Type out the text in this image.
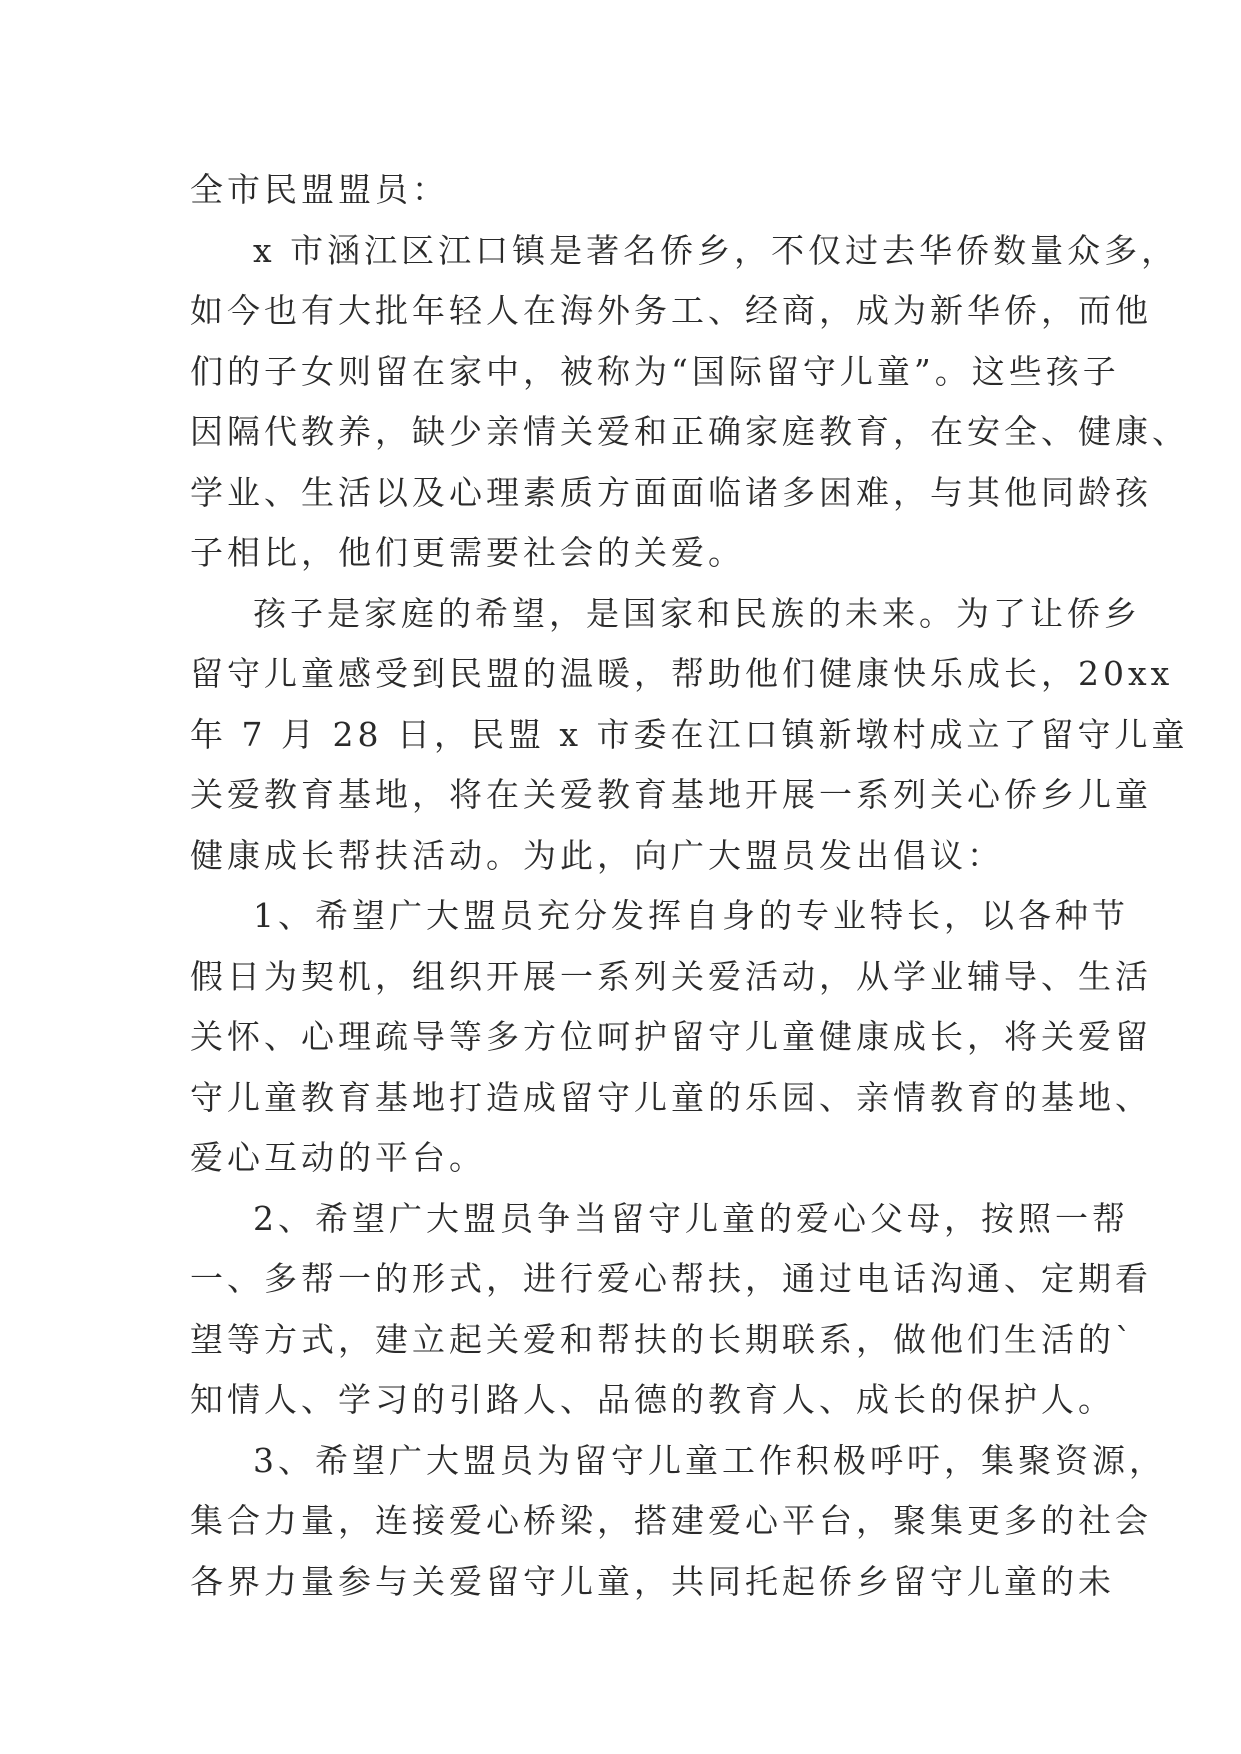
全市民盟盟员：
x 市涵江区江口镇是著名侨乡，不仅过去华侨数量众多，
如今也有大批年轻人在海外务工、经商，成为新华侨，而他
们的子女则留在家中，被称为“国际留守儿童”。这些孩子
因隔代教养，缺少亲情关爱和正确家庭教育，在安全、健康、
学业、生活以及心理素质方面面临诸多困难，与其他同龄孩
子相比，他们更需要社会的关爱。
孩子是家庭的希望，是国家和民族的未来。为了让侨乡
留守儿童感受到民盟的温暖，帮助他们健康快乐成长，20xx
年 7 月 28 日，民盟 x 市委在江口镇新墩村成立了留守儿童
关爱教育基地，将在关爱教育基地开展一系列关心侨乡儿童
健康成长帮扶活动。为此，向广大盟员发出倡议：
1、希望广大盟员充分发挥自身的专业特长，以各种节
假日为契机，组织开展一系列关爱活动，从学业辅导、生活
关怀、心理疏导等多方位呵护留守儿童健康成长，将关爱留
守儿童教育基地打造成留守儿童的乐园、亲情教育的基地、
爱心互动的平台。
2、希望广大盟员争当留守儿童的爱心父母，按照一帮
一、多帮一的形式，进行爱心帮扶，通过电话沟通、定期看
望等方式，建立起关爱和帮扶的长期联系，做他们生活的`
知情人、学习的引路人、品德的教育人、成长的保护人。
3、希望广大盟员为留守儿童工作积极呼吁，集聚资源，
集合力量，连接爱心桥梁，搭建爱心平台，聚集更多的社会
各界力量参与关爱留守儿童，共同托起侨乡留守儿童的未
